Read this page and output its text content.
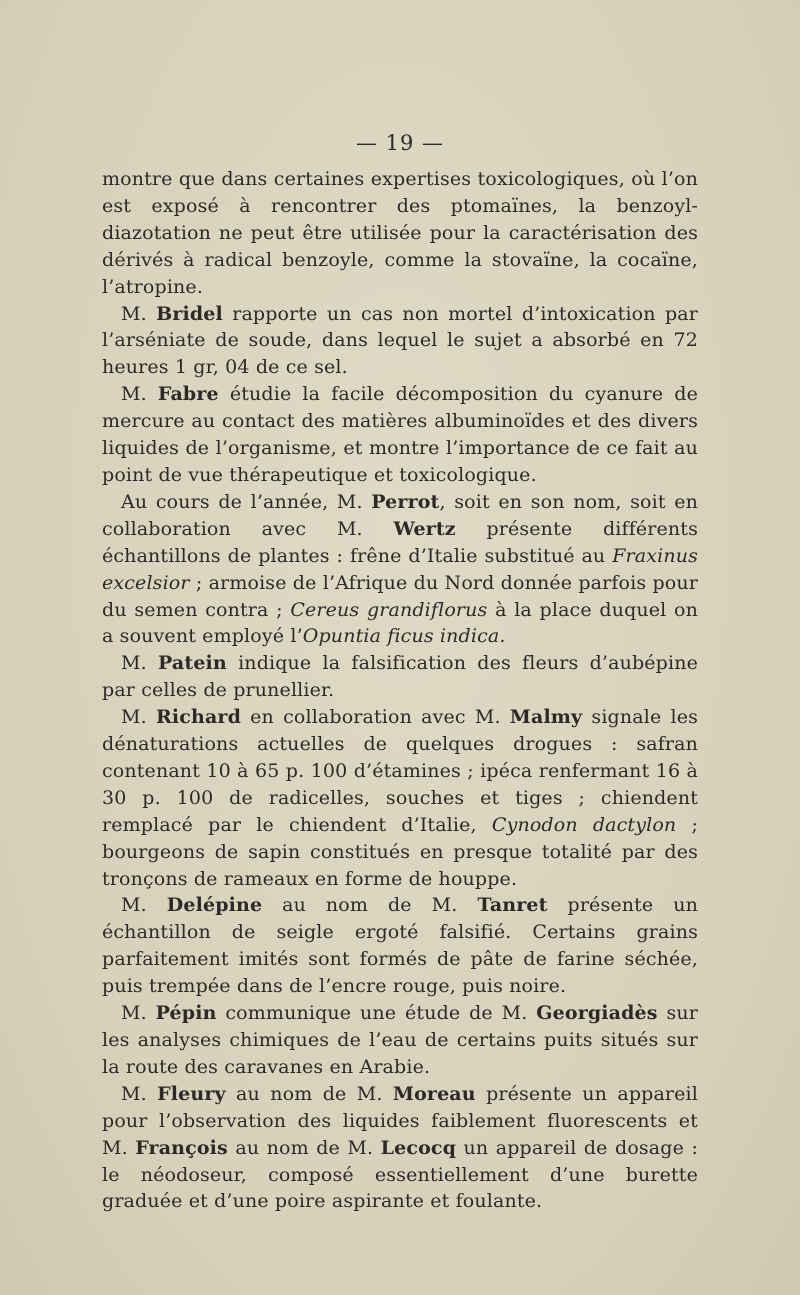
— 19 —

montre que dans certaines expertises toxicologiques, où l’on est exposé à rencontrer des ptomaïnes, la benzoyl-diazotation ne peut être utilisée pour la caractérisation des dérivés à radical benzoyle, comme la stovaïne, la cocaïne, l’atropine.

M. Bridel rapporte un cas non mortel d’intoxication par l’arséniate de soude, dans lequel le sujet a absorbé en 72 heures 1 gr, 04 de ce sel.

M. Fabre étudie la facile décomposition du cyanure de mercure au contact des matières albuminoïdes et des divers liquides de l’organisme, et montre l’importance de ce fait au point de vue thérapeutique et toxicologique.

Au cours de l’année, M. Perrot, soit en son nom, soit en collaboration avec M. Wertz présente différents échantillons de plantes : frêne d’Italie substitué au Fraxinus excelsior ; armoise de l’Afrique du Nord donnée parfois pour du semen contra ; Cereus grandiflorus à la place duquel on a souvent employé l’Opuntia ficus indica.

M. Patein indique la falsification des fleurs d’aubépine par celles de prunellier.

M. Richard en collaboration avec M. Malmy signale les dénaturations actuelles de quelques drogues : safran contenant 10 à 65 p. 100 d’étamines ; ipéca renfermant 16 à 30 p. 100 de radicelles, souches et tiges ; chiendent remplacé par le chiendent d’Italie, Cynodon dactylon ; bourgeons de sapin constitués en presque totalité par des tronçons de rameaux en forme de houppe.

M. Delépine au nom de M. Tanret présente un échantillon de seigle ergoté falsifié. Certains grains parfaitement imités sont formés de pâte de farine séchée, puis trempée dans de l’encre rouge, puis noire.

M. Pépin communique une étude de M. Georgiadès sur les analyses chimiques de l’eau de certains puits situés sur la route des caravanes en Arabie.

M. Fleury au nom de M. Moreau présente un appareil pour l’observation des liquides faiblement fluorescents et M. François au nom de M. Lecocq un appareil de dosage : le néodoseur, composé essentiellement d’une burette graduée et d’une poire aspirante et foulante.
